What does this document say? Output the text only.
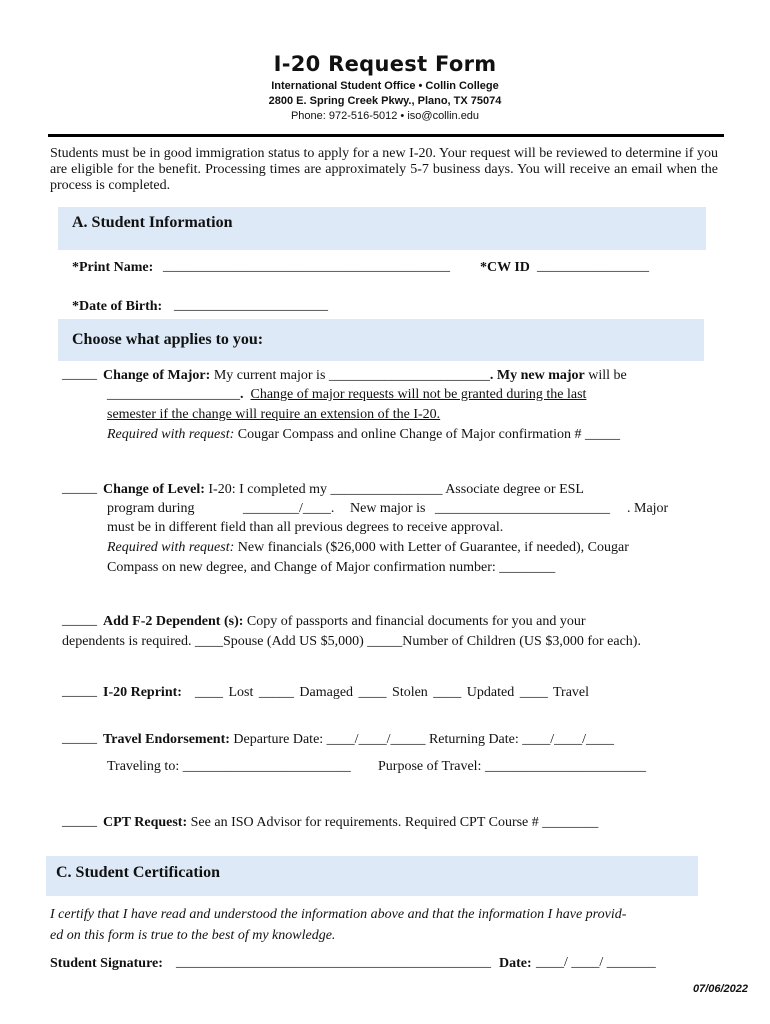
I-20 Request Form
International Student Office • Collin College
2800 E. Spring Creek Pkwy., Plano, TX 75074
Phone: 972-516-5012 • iso@collin.edu
Students must be in good immigration status to apply for a new I-20. Your request will be reviewed to determine if you are eligible for the benefit. Processing times are approximately 5-7 business days. You will receive an email when the process is completed.
A. Student Information
*Print Name: _________________________________________ *CW ID ________________
*Date of Birth: ______________________
Choose what applies to you:
_____ Change of Major: My current major is _______________________. My new major will be
___________________. Change of major requests will not be granted during the last
semester if the change will require an extension of the I-20.
Required with request: Cougar Compass and online Change of Major confirmation # _____
_____ Change of Level: I-20: I completed my ________________ Associate degree or ESL
program during	________/____. New major is _________________________ . Major
must be in different field than all previous degrees to receive approval.
Required with request: New financials ($26,000 with Letter of Guarantee, if needed), Cougar
Compass on new degree, and Change of Major confirmation number: ________
_____ Add F-2 Dependent (s): Copy of passports and financial documents for you and your
dependents is required. ____Spouse (Add US $5,000) _____Number of Children (US $3,000 for each).
_____ I-20 Reprint: ____ Lost _____ Damaged ____ Stolen ____ Updated ____ Travel
_____ Travel Endorsement: Departure Date: ____/____/_____ Returning Date: ____/____/____
Traveling to: ________________________ Purpose of Travel: _______________________
_____ CPT Request: See an ISO Advisor for requirements. Required CPT Course # ________
C. Student Certification
I certify that I have read and understood the information above and that the information I have provid-
ed on this form is true to the best of my knowledge.
Student Signature: _____________________________________________ Date: ____/ ____/ _______
07/06/2022
